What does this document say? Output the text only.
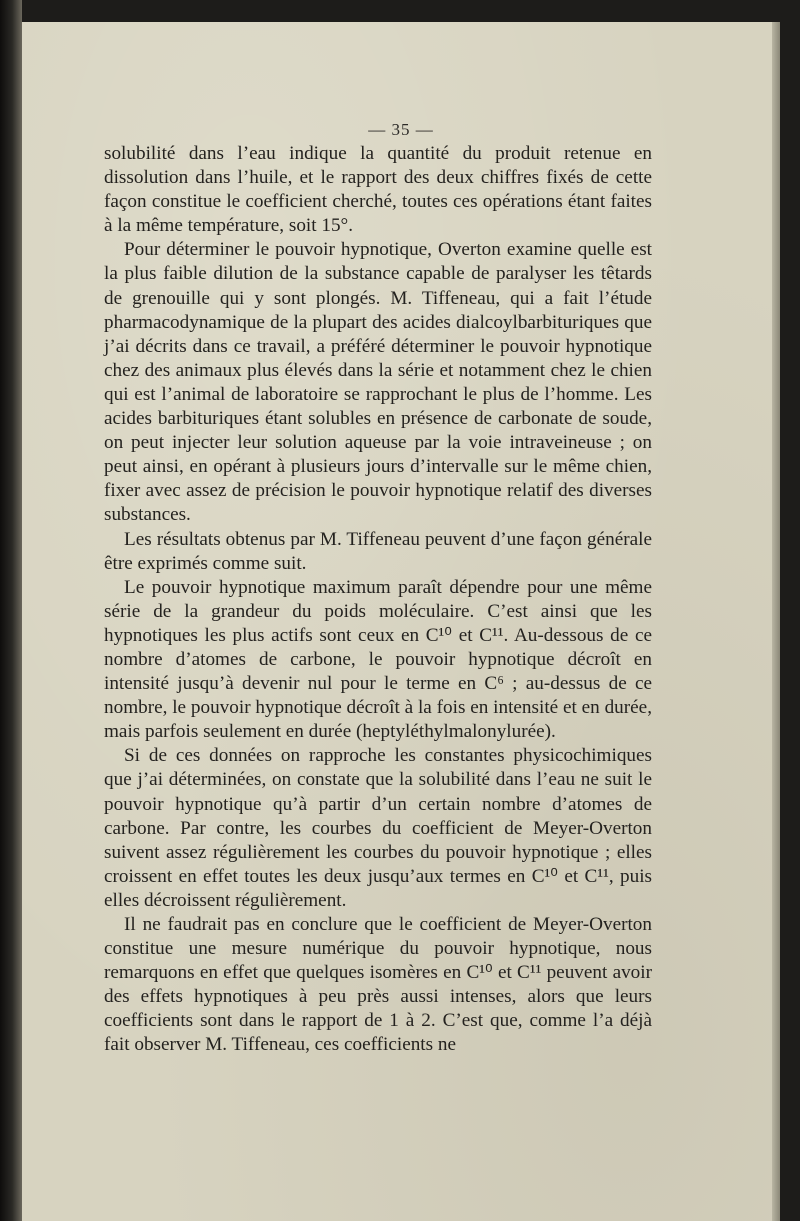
— 35 —

solubilité dans l’eau indique la quantité du produit retenue en dissolution dans l’huile, et le rapport des deux chiffres fixés de cette façon constitue le coefficient cherché, toutes ces opérations étant faites à la même température, soit 15°.

Pour déterminer le pouvoir hypnotique, Overton examine quelle est la plus faible dilution de la substance capable de paralyser les têtards de grenouille qui y sont plongés. M. Tiffeneau, qui a fait l’étude pharmacodynamique de la plupart des acides dialcoylbarbituriques que j’ai décrits dans ce travail, a préféré déterminer le pouvoir hypnotique chez des animaux plus élevés dans la série et notamment chez le chien qui est l’animal de laboratoire se rapprochant le plus de l’homme. Les acides barbituriques étant solubles en présence de carbonate de soude, on peut injecter leur solution aqueuse par la voie intraveineuse ; on peut ainsi, en opérant à plusieurs jours d’intervalle sur le même chien, fixer avec assez de précision le pouvoir hypnotique relatif des diverses substances.

Les résultats obtenus par M. Tiffeneau peuvent d’une façon générale être exprimés comme suit.

Le pouvoir hypnotique maximum paraît dépendre pour une même série de la grandeur du poids moléculaire. C’est ainsi que les hypnotiques les plus actifs sont ceux en C¹⁰ et C¹¹. Au-dessous de ce nombre d’atomes de carbone, le pouvoir hypnotique décroît en intensité jusqu’à devenir nul pour le terme en C⁶ ; au-dessus de ce nombre, le pouvoir hypnotique décroît à la fois en intensité et en durée, mais parfois seulement en durée (heptyléthylmalonylurée).

Si de ces données on rapproche les constantes physicochimiques que j’ai déterminées, on constate que la solubilité dans l’eau ne suit le pouvoir hypnotique qu’à partir d’un certain nombre d’atomes de carbone. Par contre, les courbes du coefficient de Meyer-Overton suivent assez régulièrement les courbes du pouvoir hypnotique ; elles croissent en effet toutes les deux jusqu’aux termes en C¹⁰ et C¹¹, puis elles décroissent régulièrement.

Il ne faudrait pas en conclure que le coefficient de Meyer-Overton constitue une mesure numérique du pouvoir hypnotique, nous remarquons en effet que quelques isomères en C¹⁰ et C¹¹ peuvent avoir des effets hypnotiques à peu près aussi intenses, alors que leurs coefficients sont dans le rapport de 1 à 2. C’est que, comme l’a déjà fait observer M. Tiffeneau, ces coefficients ne
